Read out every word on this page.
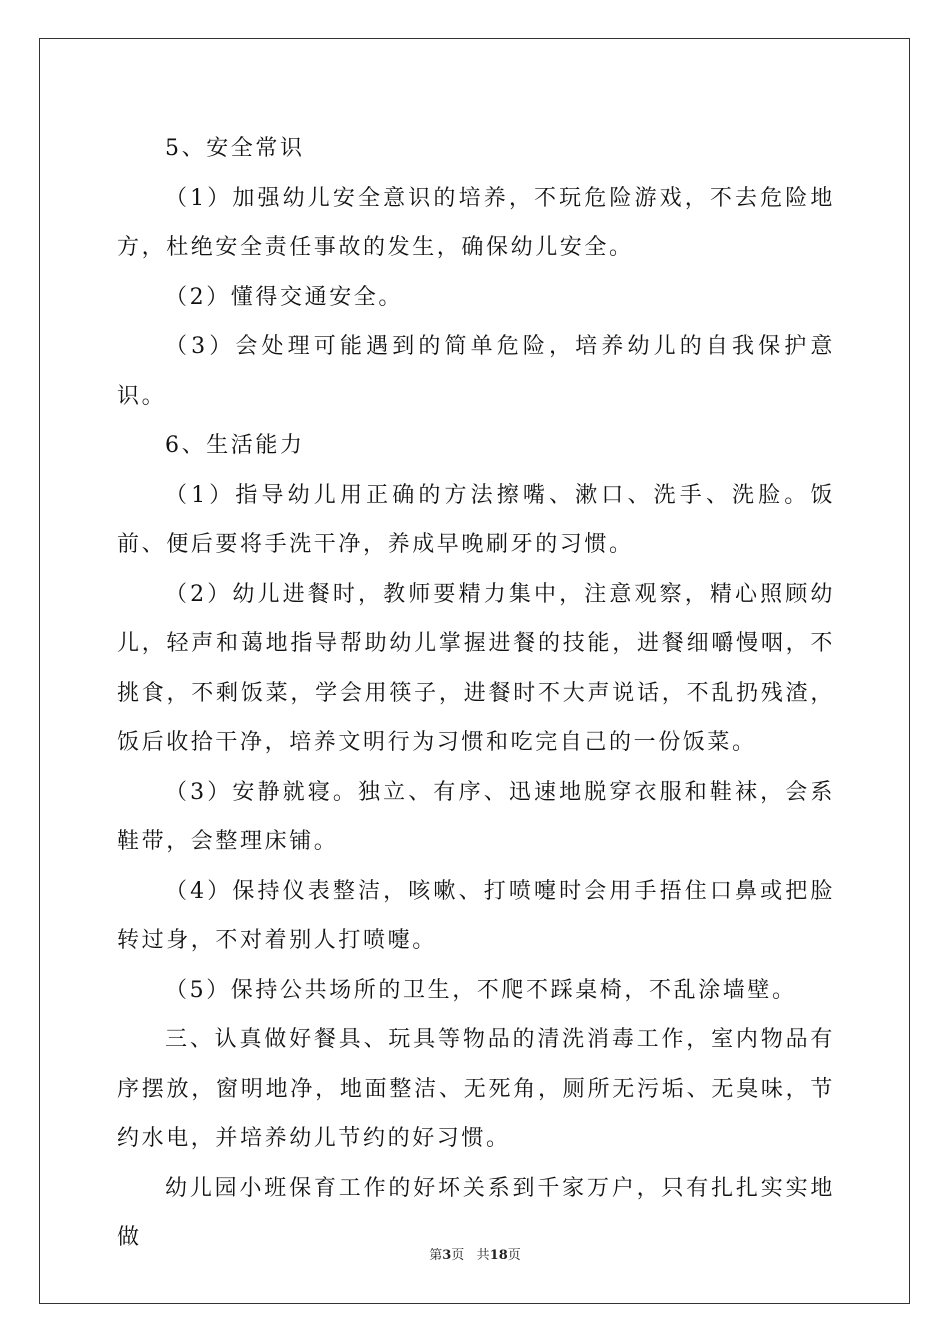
5、安全常识

（1）加强幼儿安全意识的培养，不玩危险游戏，不去危险地方，杜绝安全责任事故的发生，确保幼儿安全。

（2）懂得交通安全。

（3）会处理可能遇到的简单危险，培养幼儿的自我保护意识。

6、生活能力

（1）指导幼儿用正确的方法擦嘴、漱口、洗手、洗脸。饭前、便后要将手洗干净，养成早晚刷牙的习惯。

（2）幼儿进餐时，教师要精力集中，注意观察，精心照顾幼儿，轻声和蔼地指导帮助幼儿掌握进餐的技能，进餐细嚼慢咽，不挑食，不剩饭菜，学会用筷子，进餐时不大声说话，不乱扔残渣，饭后收拾干净，培养文明行为习惯和吃完自己的一份饭菜。

（3）安静就寝。独立、有序、迅速地脱穿衣服和鞋袜，会系鞋带，会整理床铺。

（4）保持仪表整洁，咳嗽、打喷嚏时会用手捂住口鼻或把脸转过身，不对着别人打喷嚏。

（5）保持公共场所的卫生，不爬不踩桌椅，不乱涂墙壁。

三、认真做好餐具、玩具等物品的清洗消毒工作，室内物品有序摆放，窗明地净，地面整洁、无死角，厕所无污垢、无臭味，节约水电，并培养幼儿节约的好习惯。

幼儿园小班保育工作的好坏关系到千家万户，只有扎扎实实地做

第3页 共18页
